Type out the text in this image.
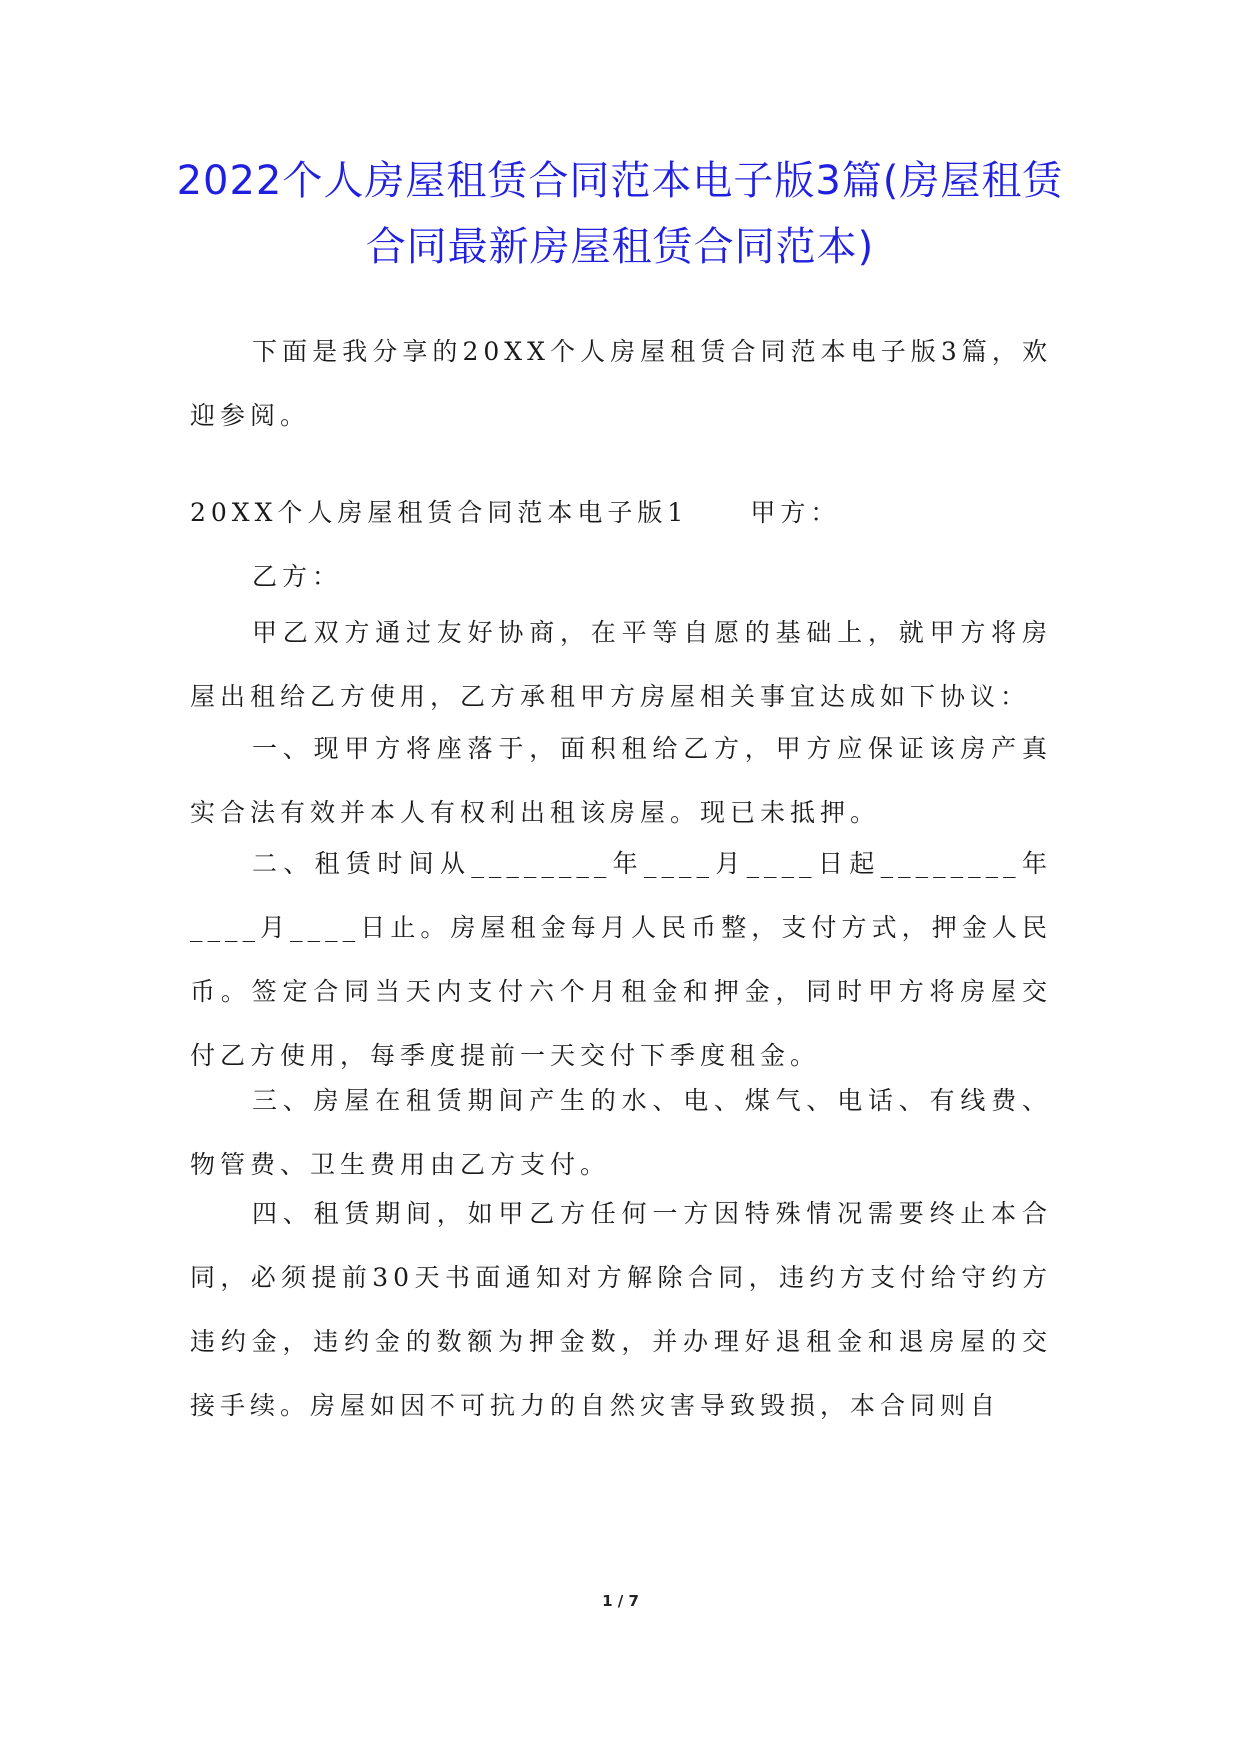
2022个人房屋租赁合同范本电子版3篇(房屋租赁合同最新房屋租赁合同范本)

下面是我分享的20XX个人房屋租赁合同范本电子版3篇，欢迎参阅。

20XX个人房屋租赁合同范本电子版1 甲方：

乙方：

甲乙双方通过友好协商，在平等自愿的基础上，就甲方将房屋出租给乙方使用，乙方承租甲方房屋相关事宜达成如下协议：

一、现甲方将座落于，面积租给乙方，甲方应保证该房产真实合法有效并本人有权利出租该房屋。现已未抵押。

二、租赁时间从________年____月____日起________年____月____日止。房屋租金每月人民币整，支付方式，押金人民币。签定合同当天内支付六个月租金和押金，同时甲方将房屋交付乙方使用，每季度提前一天交付下季度租金。

三、房屋在租赁期间产生的水、电、煤气、电话、有线费、物管费、卫生费用由乙方支付。

四、租赁期间，如甲乙方任何一方因特殊情况需要终止本合同，必须提前30天书面通知对方解除合同，违约方支付给守约方违约金，违约金的数额为押金数，并办理好退租金和退房屋的交接手续。房屋如因不可抗力的自然灾害导致毁损，本合同则自

1 / 7
